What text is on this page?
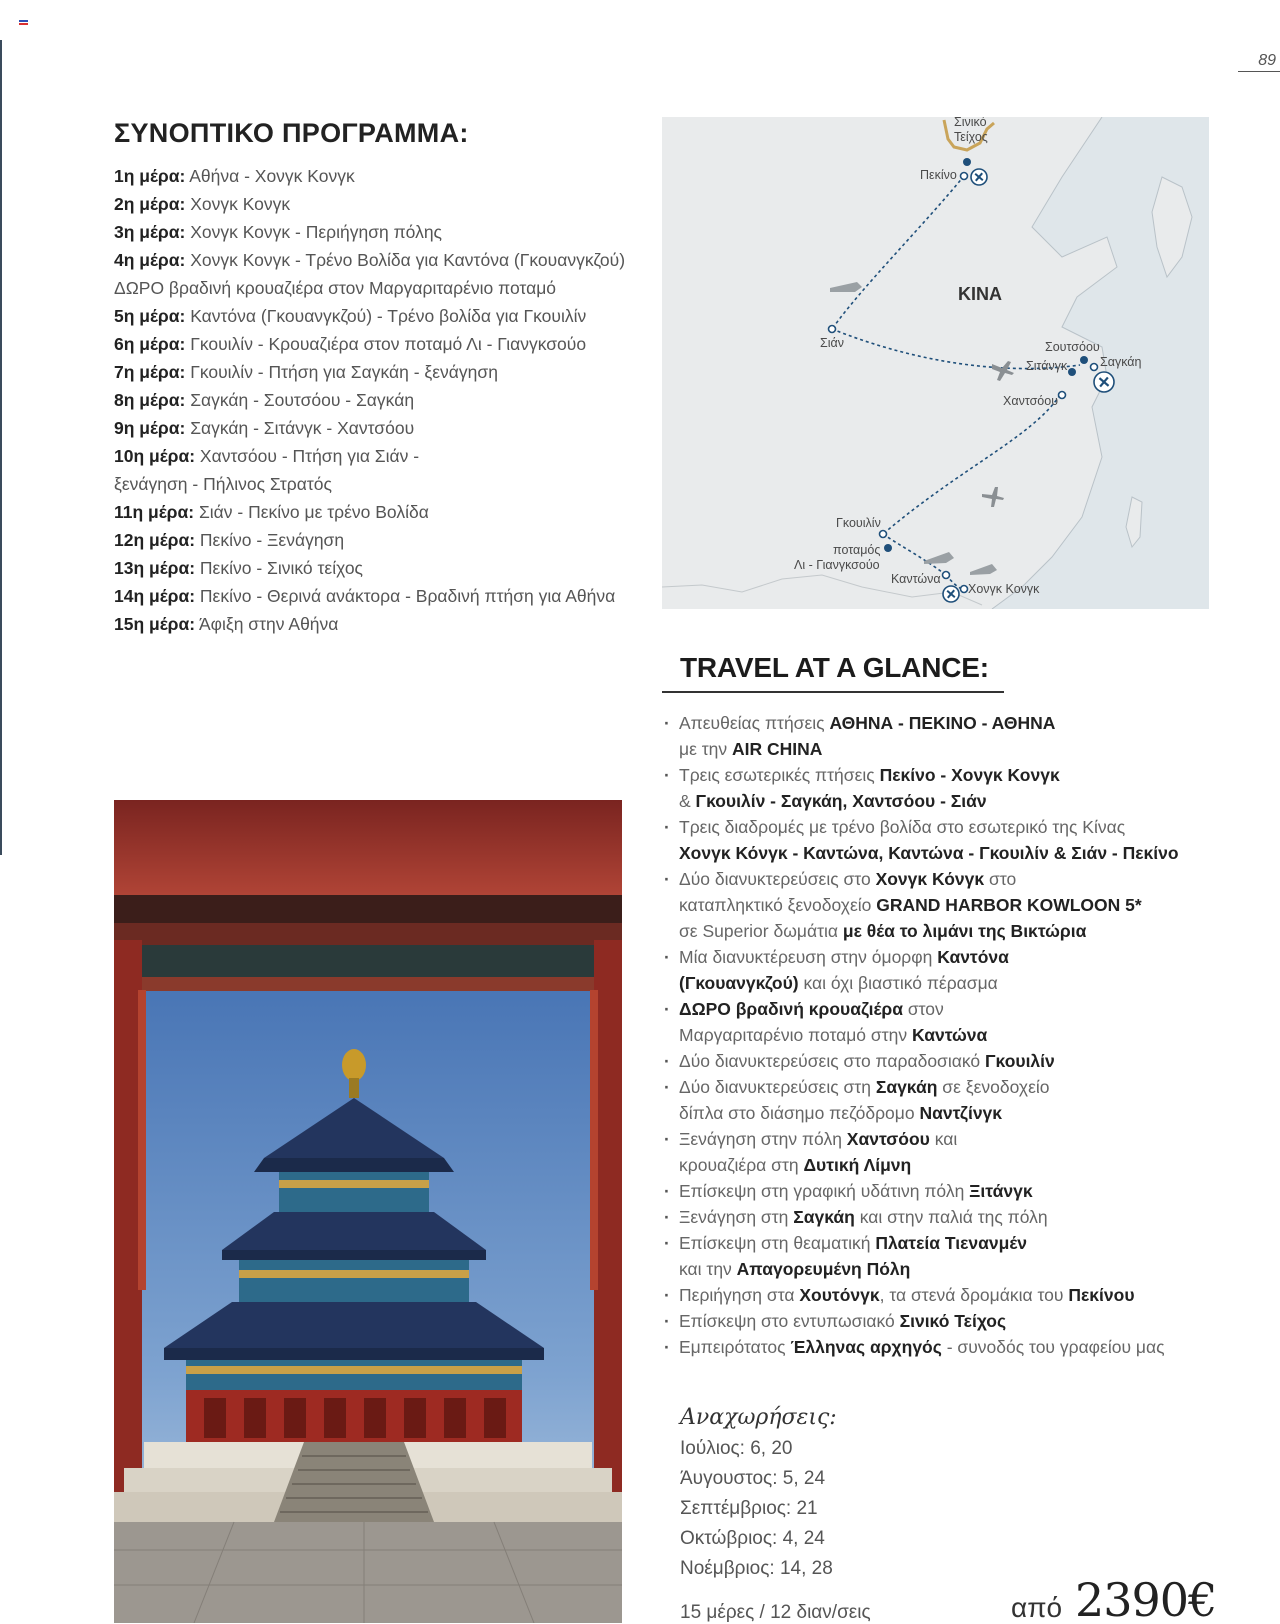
89
ΣΥΝΟΠΤΙΚΟ ΠΡΟΓΡΑΜΜΑ:
1η μέρα: Αθήνα - Χονγκ Κονγκ
2η μέρα: Χονγκ Κονγκ
3η μέρα: Χονγκ Κονγκ - Περιήγηση πόλης
4η μέρα: Χονγκ Κονγκ - Τρένο Βολίδα για Καντόνα (Γκουανγκζού)
ΔΩΡΟ βραδινή κρουαζιέρα στον Μαργαριταρένιο ποταμό
5η μέρα: Καντόνα (Γκουανγκζού) - Τρένο βολίδα για Γκουιλίν
6η μέρα: Γκουιλίν - Κρουαζιέρα στον ποταμό Λι - Γιανγκσούο
7η μέρα: Γκουιλίν - Πτήση για Σαγκάη - ξενάγηση
8η μέρα: Σαγκάη - Σουτσόου - Σαγκάη
9η μέρα: Σαγκάη - Σιτάνγκ - Χαντσόου
10η μέρα: Χαντσόου - Πτήση για Σιάν -
ξενάγηση - Πήλινος Στρατός
11η μέρα: Σιάν - Πεκίνο με τρένο Βολίδα
12η μέρα: Πεκίνο - Ξενάγηση
13η μέρα: Πεκίνο - Σινικό τείχος
14η μέρα: Πεκίνο - Θερινά ανάκτορα - Βραδινή πτήση για Αθήνα
15η μέρα: Άφιξη στην Αθήνα
Σινικό
Τείχος
Πεκίνο
ΚΙΝΑ
Σιάν	Σουτσόου
Σιτάνγκ	Σαγκάη
Χαντσόου
Γκουιλίν
ποταμός
Λι - Γιανγκσούο
Καντώνα
Χονγκ Κονγκ
TRAVEL AT A GLANCE:
· Απευθείας πτήσεις ΑΘΗΝΑ - ΠΕΚΙΝΟ - ΑΘΗΝΑ
με την AIR CHINA
· Τρεις εσωτερικές πτήσεις Πεκίνο - Χονγκ Κονγκ
& Γκουιλίν - Σαγκάη, Χαντσόου - Σιάν
· Τρεις διαδρομές με τρένο βολίδα στο εσωτερικό της Κίνας
Χονγκ Κόνγκ - Καντώνα, Καντώνα - Γκουιλίν & Σιάν - Πεκίνο
· Δύο διανυκτερεύσεις στο Χονγκ Κόνγκ στο
καταπληκτικό ξενοδοχείο GRAND HARBOR KOWLOON 5*
σε Superior δωμάτια με θέα το λιμάνι της Βικτώρια
· Μία διανυκτέρευση στην όμορφη Καντόνα
(Γκουανγκζού) και όχι βιαστικό πέρασμα
· ΔΩΡΟ βραδινή κρουαζιέρα στον
Μαργαριταρένιο ποταμό στην Καντώνα
· Δύο διανυκτερεύσεις στο παραδοσιακό Γκουιλίν
· Δύο διανυκτερεύσεις στη Σαγκάη σε ξενοδοχείο
δίπλα στο διάσημο πεζόδρομο Ναντζίνγκ
· Ξενάγηση στην πόλη Χαντσόου και
κρουαζιέρα στη Δυτική Λίμνη
· Επίσκεψη στη γραφική υδάτινη πόλη Ξιτάνγκ
· Ξενάγηση στη Σαγκάη και στην παλιά της πόλη
· Επίσκεψη στη θεαματική Πλατεία Τιενανμέν
και την Απαγορευμένη Πόλη
· Περιήγηση στα Χουτόνγκ, τα στενά δρομάκια του Πεκίνου
· Επίσκεψη στο εντυπωσιακό Σινικό Τείχος
· Εμπειρότατος Έλληνας αρχηγός - συνοδός του γραφείου μας
Αναχωρήσεις:
Ιούλιος: 6, 20
Άυγουστος: 5, 24
Σεπτέμβριος: 21
Οκτώβριος: 4, 24
Νοέμβριος: 14, 28
15 μέρες / 12 διαν/σεις	από 2390€
